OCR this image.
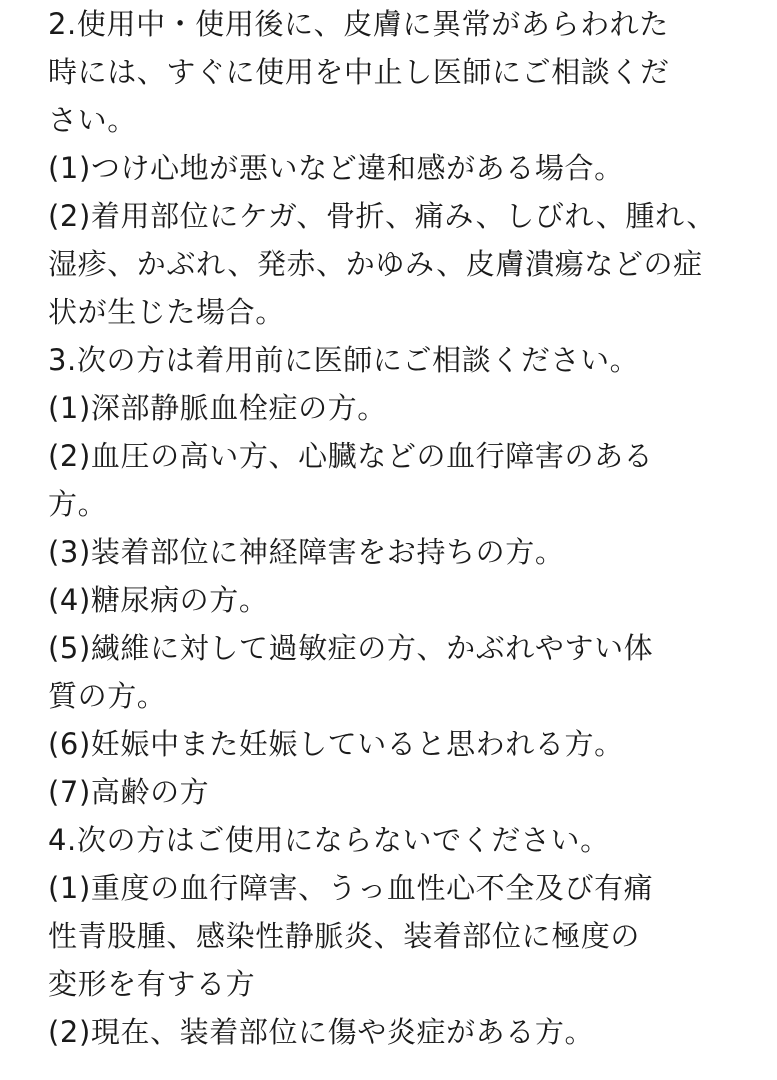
2.使用中・使用後に、皮膚に異常があらわれた
時には、すぐに使用を中止し医師にご相談くだ
さい。
(1)つけ心地が悪いなど違和感がある場合。
(2)着用部位にケガ、骨折、痛み、しびれ、腫れ、
湿疹、かぶれ、発赤、かゆみ、皮膚潰瘍などの症
状が生じた場合。
3.次の方は着用前に医師にご相談ください。
(1)深部静脈血栓症の方。
(2)血圧の高い方、心臓などの血行障害のある
方。
(3)装着部位に神経障害をお持ちの方。
(4)糖尿病の方。
(5)繊維に対して過敏症の方、かぶれやすい体
質の方。
(6)妊娠中また妊娠していると思われる方。
(7)高齢の方
4.次の方はご使用にならないでください。
(1)重度の血行障害、うっ血性心不全及び有痛
性青股腫、感染性静脈炎、装着部位に極度の
変形を有する方
(2)現在、装着部位に傷や炎症がある方。
